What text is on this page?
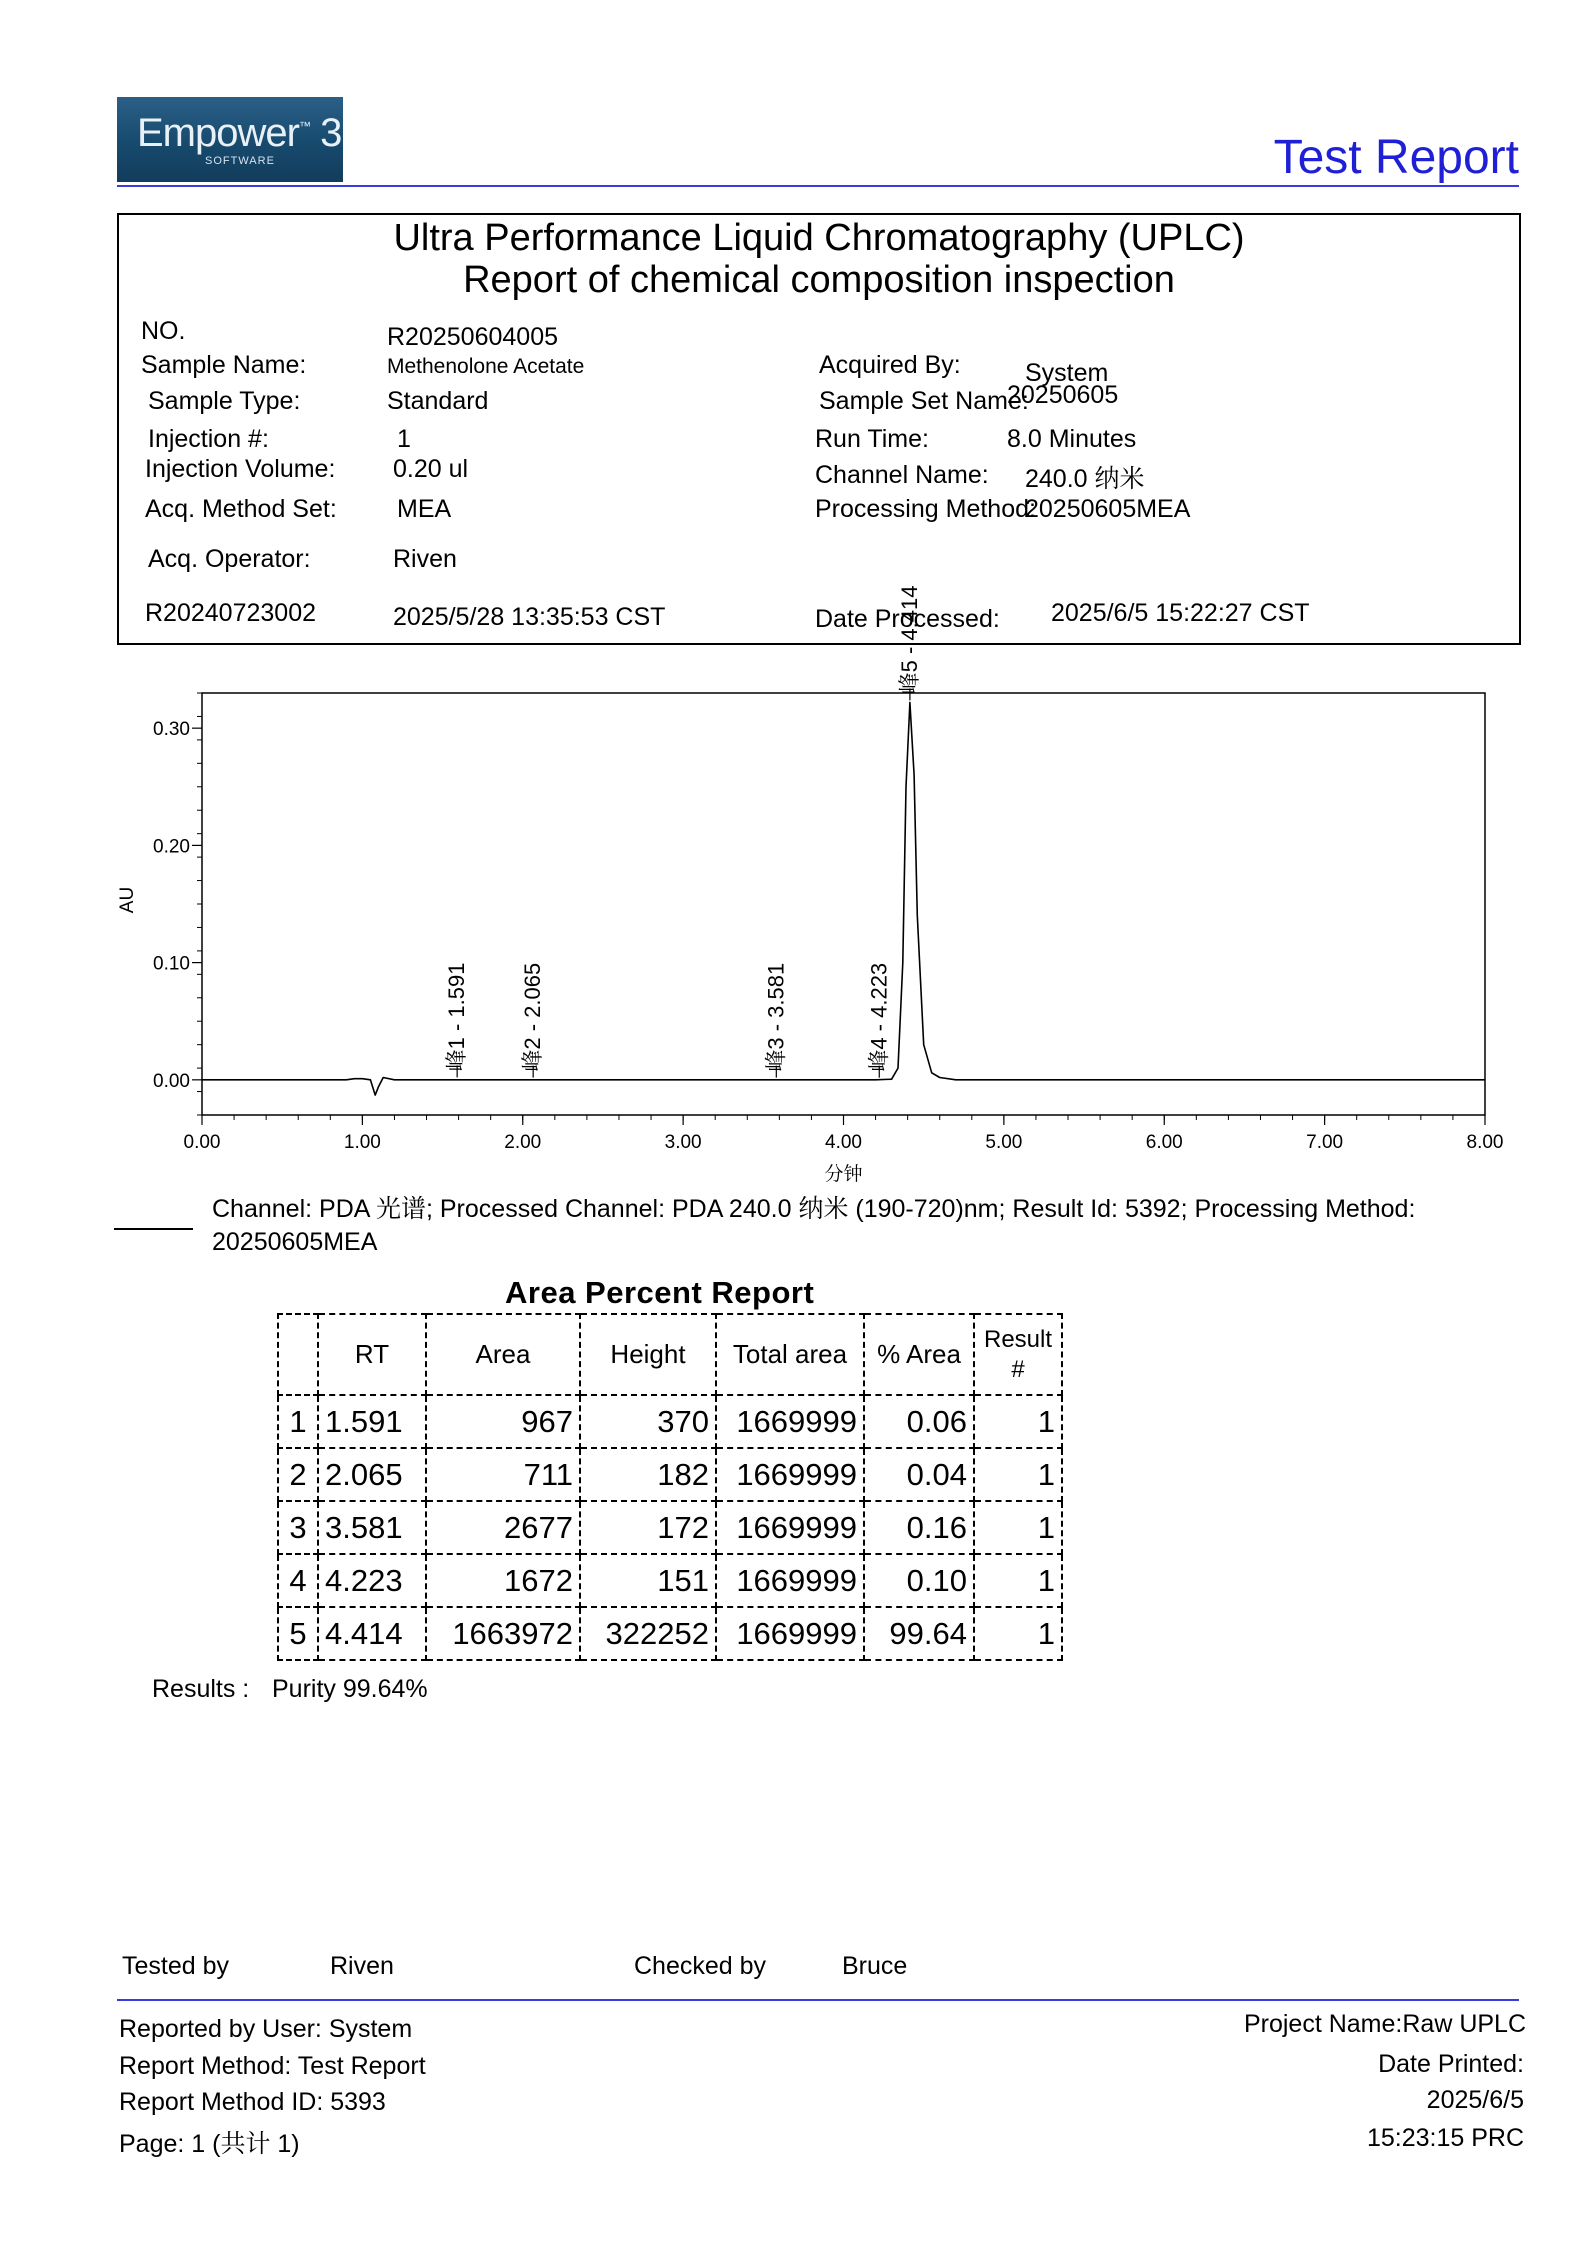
Empower™ 3
SOFTWARE	Test Report
Ultra Performance Liquid Chromatography (UPLC)
Report of chemical composition inspection
NO.	R20250604005
Sample Name:	Methenolone Acetate
Sample Type:	Standard
Injection #:	1
Injection Volume: 0.20 ul
Acq. Method Set: MEA
Acq. Operator:	Riven
R20240723002	2025/5/28 13:35:53 CST
Acquired By:	System
Sample Set Name:
20250605
Run Time:	8.0 Minutes
Channel Name: 240.0 纳米
Processing Method:
20250605MEA
Date Processed: 2025/6/5 15:22:27 CST
0.00	1.00	2.00	3.00	4.00	5.00	6.00	7.00	8.00
0.00
0.10
0.20
0.30
分钟
AU
峰1 - 1.591 峰2 - 2.065	峰3 - 3.581	峰4 - 4.223
峰5 - 4.414
Channel: PDA 光谱; Processed Channel: PDA 240.0 纳米 (190-720)nm; Result Id: 5392; Processing Method: 20250605MEA
Area Percent Report
	RT	Area	Height	Total area	% Area	Result #
1	1.591	967	370	1669999	0.06	1
2	2.065	711	182	1669999	0.04	1
3	3.581	2677	172	1669999	0.16	1
4	4.223	1672	151	1669999	0.10	1
5	4.414	1663972	322252	1669999	99.64	1
Results : Purity 99.64%
Tested by	Riven	Checked by	Bruce
Reported by User: System
Report Method: Test Report
Report Method ID: 5393
Page: 1 (共计 1)
Project Name:Raw UPLC
Date Printed:
2025/6/5
15:23:15 PRC
